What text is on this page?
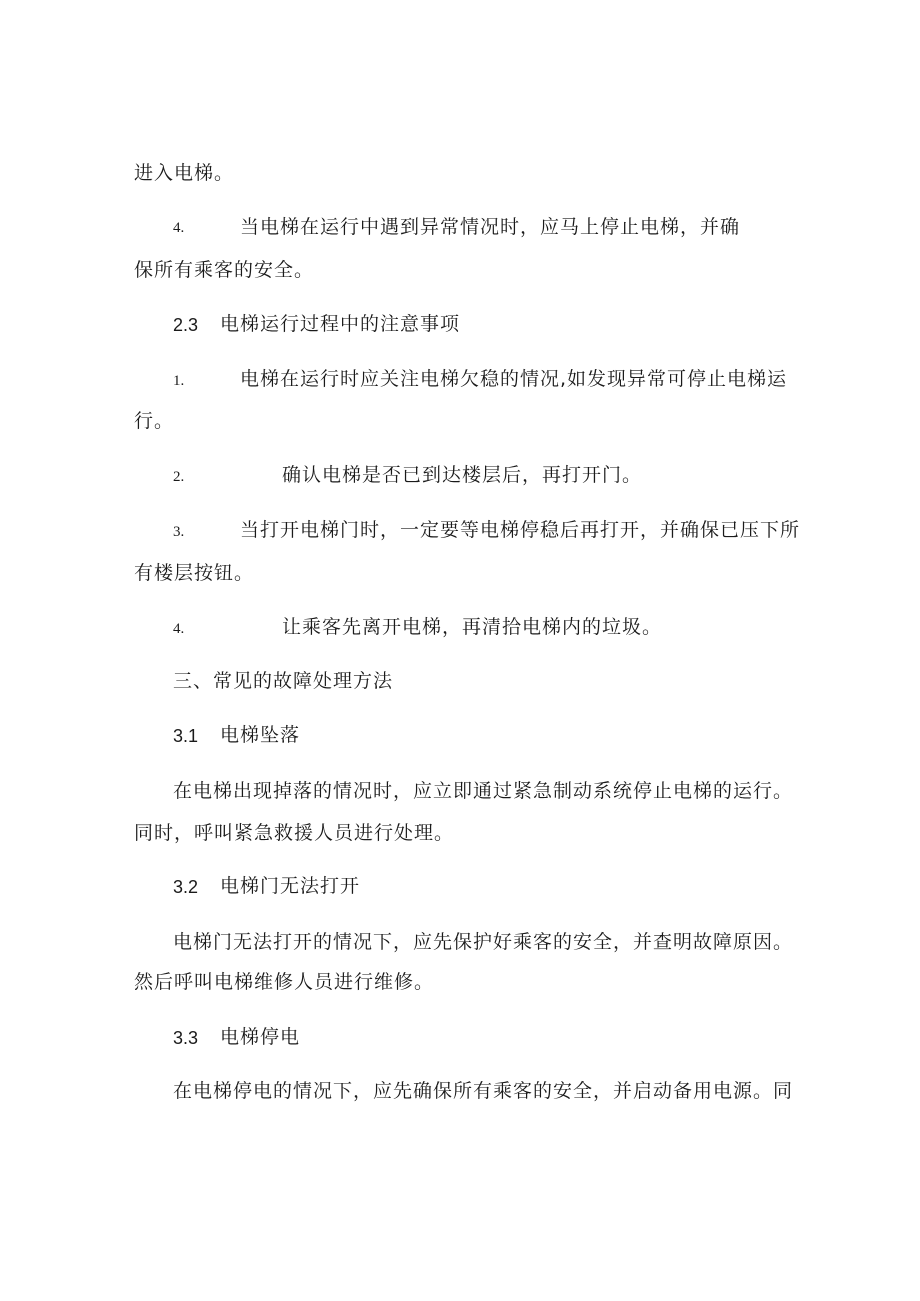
进入电梯。
4.	当电梯在运行中遇到异常情况时，应马上停止电梯，并确
保所有乘客的安全。
2.3 电梯运行过程中的注意事项
1.	电梯在运行时应关注电梯欠稳的情况,如发现异常可停止电梯运
行。
2.	确认电梯是否已到达楼层后，再打开门。
3.	当打开电梯门时，一定要等电梯停稳后再打开，并确保已压下所
有楼层按钮。
4.	让乘客先离开电梯，再清拾电梯内的垃圾。
三、常见的故障处理方法
3.1 电梯坠落
在电梯出现掉落的情况时，应立即通过紧急制动系统停止电梯的运行。
同时，呼叫紧急救援人员进行处理。
3.2 电梯门无法打开
电梯门无法打开的情况下，应先保护好乘客的安全，并查明故障原因。
然后呼叫电梯维修人员进行维修。
3.3 电梯停电
在电梯停电的情况下，应先确保所有乘客的安全，并启动备用电源。同
